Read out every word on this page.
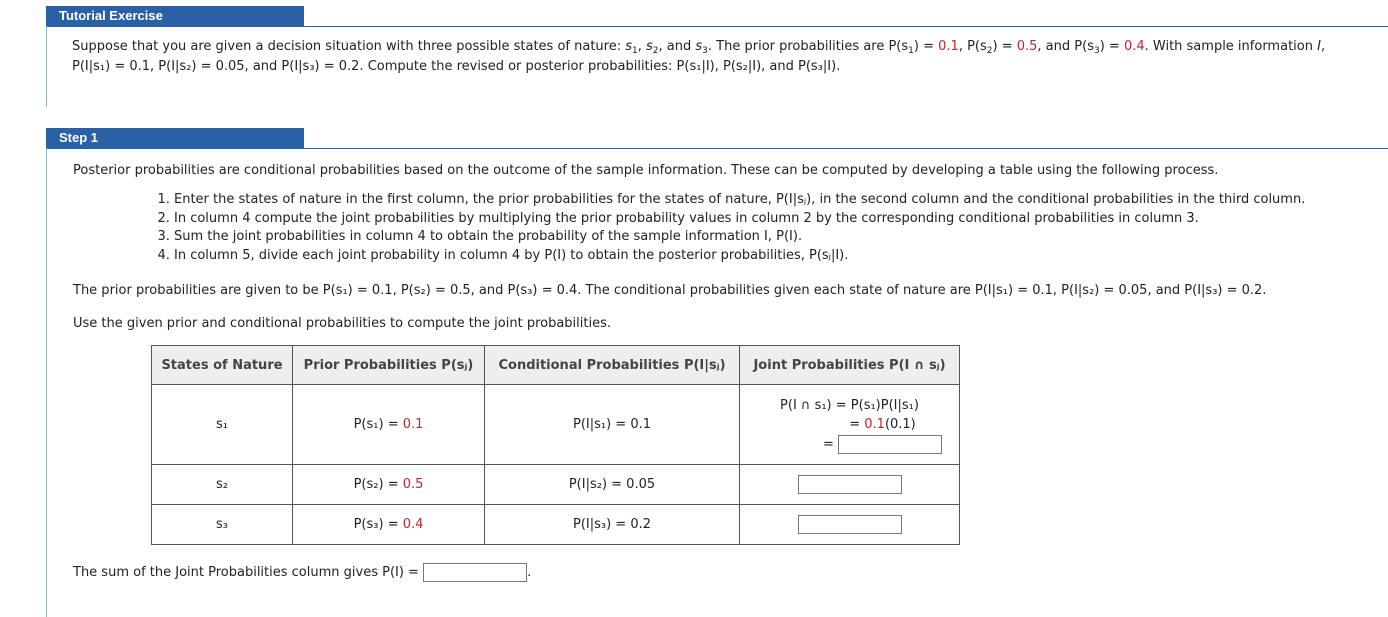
Tutorial Exercise
Suppose that you are given a decision situation with three possible states of nature: $s_1$, $s_2$, and $s_3$. The prior probabilities are $P(s_1) = 0.1$, $P(s_2) = 0.5$, and $P(s_3) = 0.4$. With sample information I,
P(I|s₁) = 0.1, P(I|s₂) = 0.05, and P(I|s₃) = 0.2. Compute the revised or posterior probabilities: P(s₁|I), P(s₂|I), and P(s₃|I).
Step 1
Posterior probabilities are conditional probabilities based on the outcome of the sample information. These can be computed by developing a table using the following process.
1. Enter the states of nature in the first column, the prior probabilities for the states of nature, P(I|sⱼ), in the second column and the conditional probabilities in the third column.
2. In column 4 compute the joint probabilities by multiplying the prior probability values in column 2 by the corresponding conditional probabilities in column 3.
3. Sum the joint probabilities in column 4 to obtain the probability of the sample information I, P(I).
4. In column 5, divide each joint probability in column 4 by P(I) to obtain the posterior probabilities, P(sⱼ|I).
The prior probabilities are given to be P(s₁) = 0.1, P(s₂) = 0.5, and P(s₃) = 0.4. The conditional probabilities given each state of nature are P(I|s₁) = 0.1, P(I|s₂) = 0.05, and P(I|s₃) = 0.2.
Use the given prior and conditional probabilities to compute the joint probabilities.
States of Nature	Prior Probabilities P(sⱼ)	Conditional Probabilities P(I|sⱼ)	Joint Probabilities P(I ∩ sⱼ)
s₁	P(s₁) = 0.1	P(I|s₁) = 0.1	P(I ∩ s₁) = P(s₁)P(I|s₁)
= 0.1(0.1)
=

s₂	P(s₂) = 0.5	P(I|s₂) = 0.05	
s₃	P(s₃) = 0.4	P(I|s₃) = 0.2	
The sum of the Joint Probabilities column gives P(I) =	.
